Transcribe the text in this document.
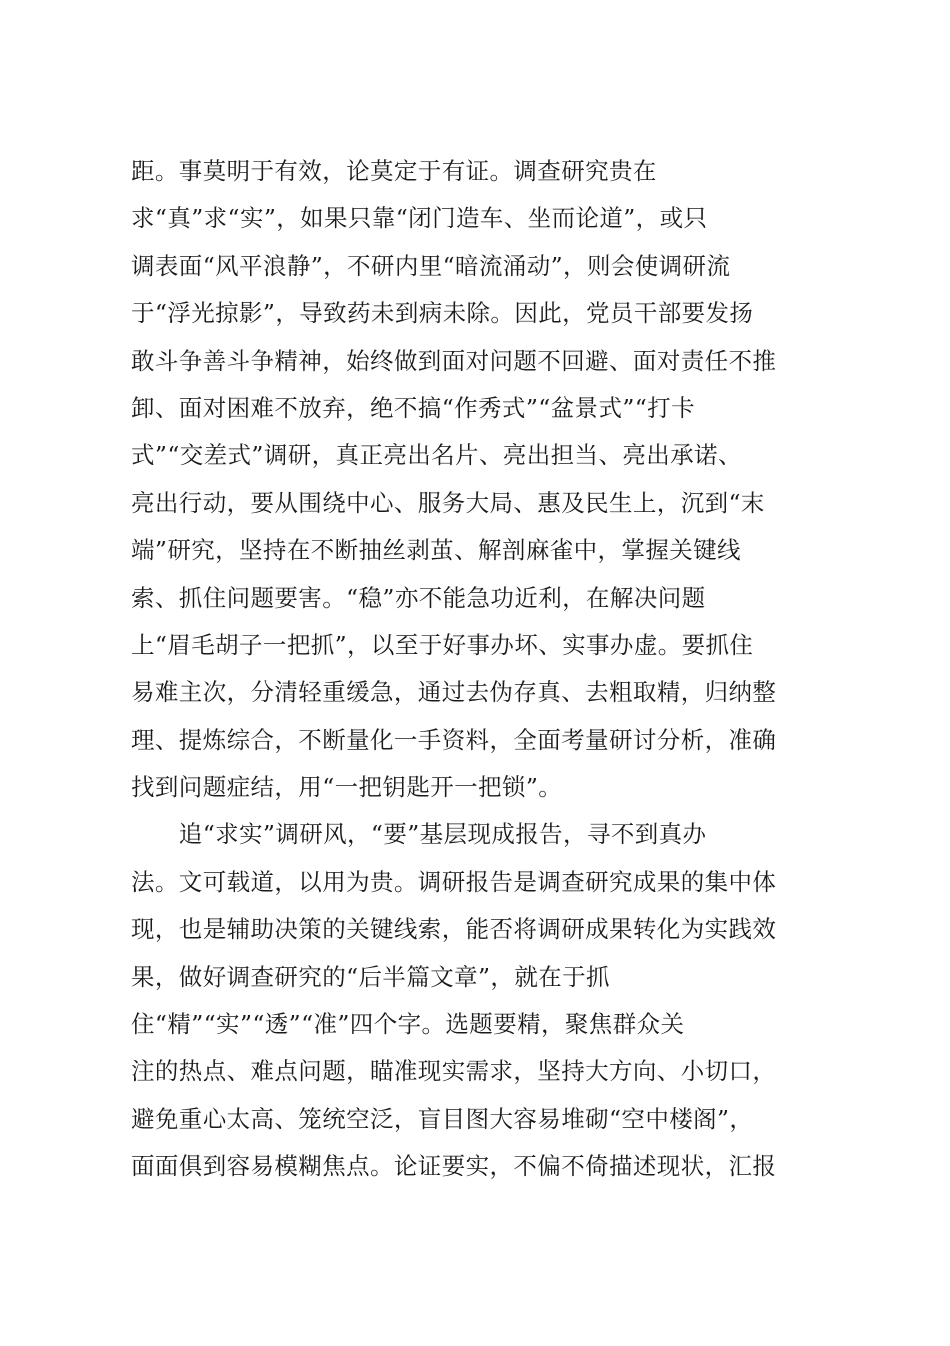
距。事莫明于有效，论莫定于有证。调查研究贵在
求“真”求“实”，如果只靠“闭门造车、坐而论道”，或只
调表面“风平浪静”，不研内里“暗流涌动”，则会使调研流
于“浮光掠影”，导致药未到病未除。因此，党员干部要发扬
敢斗争善斗争精神，始终做到面对问题不回避、面对责任不推
卸、面对困难不放弃，绝不搞“作秀式”“盆景式”“打卡
式”“交差式”调研，真正亮出名片、亮出担当、亮出承诺、
亮出行动，要从围绕中心、服务大局、惠及民生上，沉到“末
端”研究，坚持在不断抽丝剥茧、解剖麻雀中，掌握关键线
索、抓住问题要害。“稳”亦不能急功近利，在解决问题
上“眉毛胡子一把抓”，以至于好事办坏、实事办虚。要抓住
易难主次，分清轻重缓急，通过去伪存真、去粗取精，归纳整
理、提炼综合，不断量化一手资料，全面考量研讨分析，准确
找到问题症结，用“一把钥匙开一把锁”。
　　追“求实”调研风，“要”基层现成报告，寻不到真办
法。文可载道，以用为贵。调研报告是调查研究成果的集中体
现，也是辅助决策的关键线索，能否将调研成果转化为实践效
果，做好调查研究的“后半篇文章”，就在于抓
住“精”“实”“透”“准”四个字。选题要精，聚焦群众关
注的热点、难点问题，瞄准现实需求，坚持大方向、小切口，
避免重心太高、笼统空泛，盲目图大容易堆砌“空中楼阁”，
面面俱到容易模糊焦点。论证要实，不偏不倚描述现状，汇报
